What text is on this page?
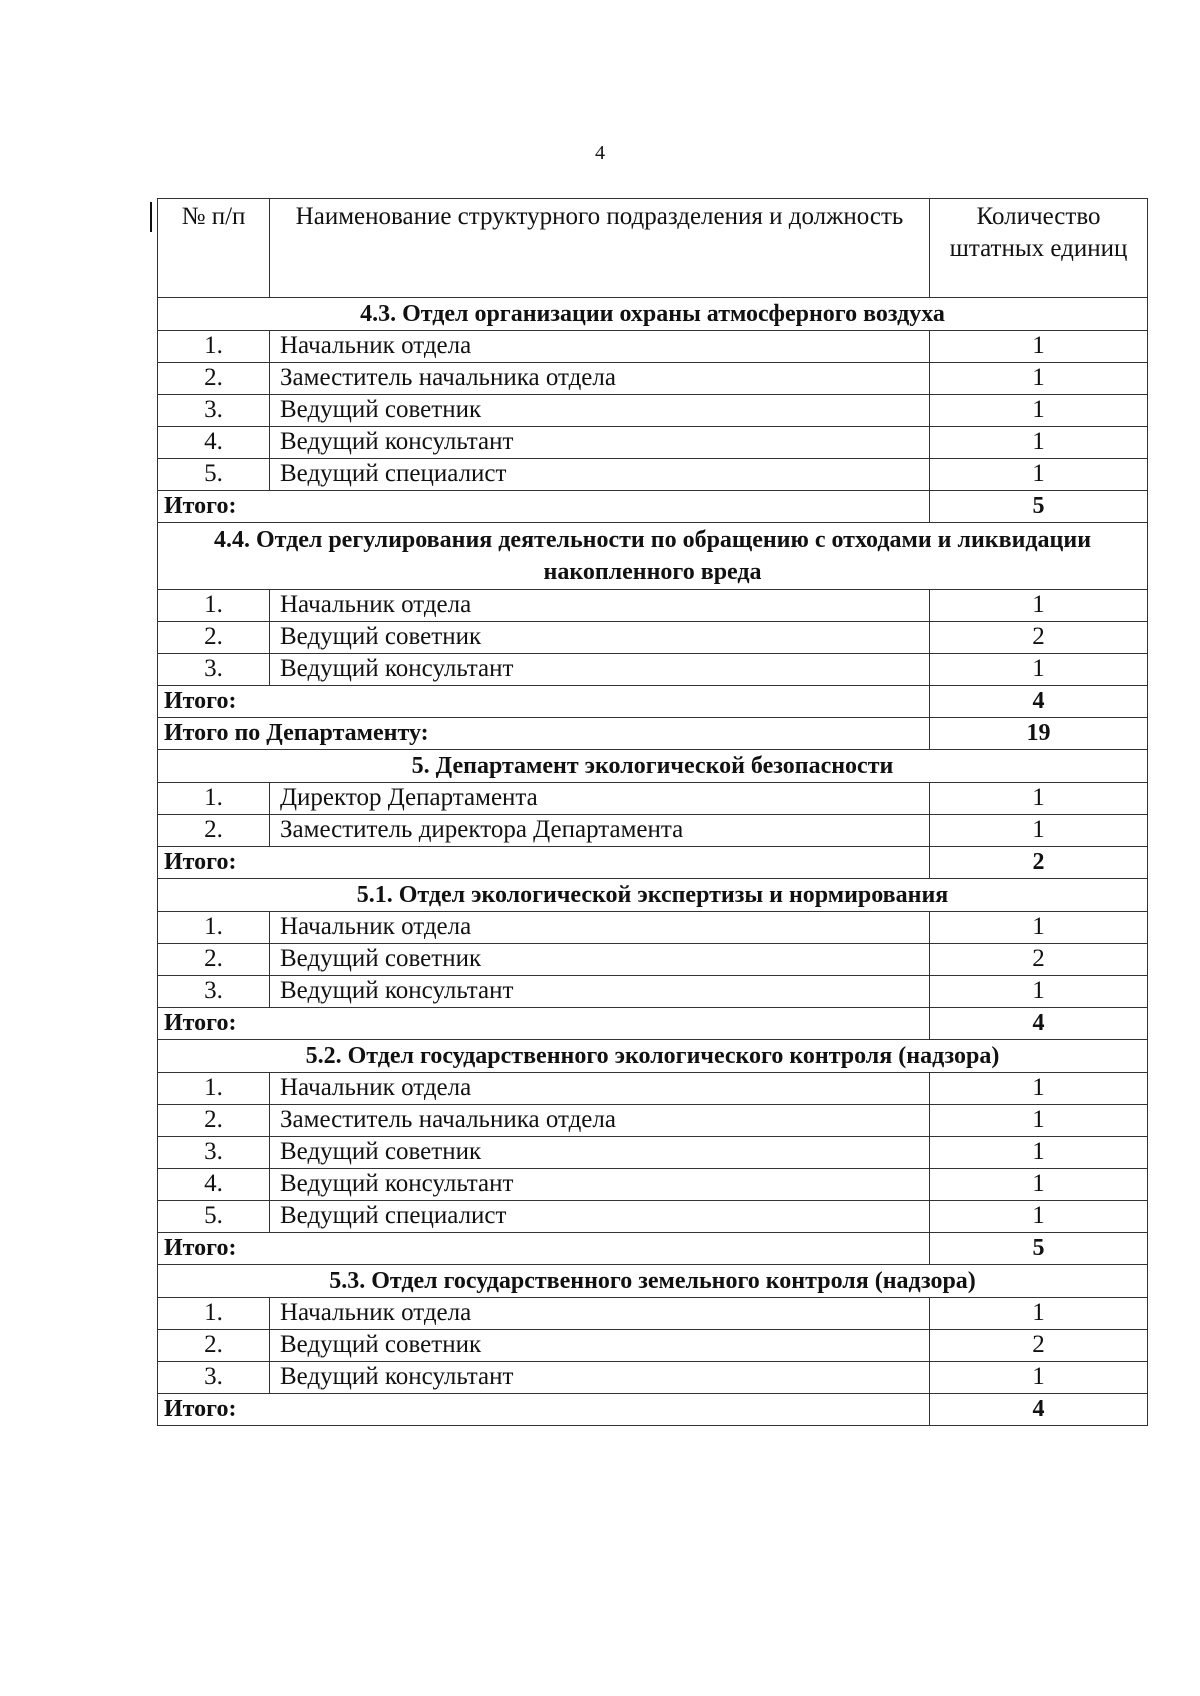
4
№ п/п	Наименование структурного подразделения и должность	Количество штатных единиц
4.3. Отдел организации охраны атмосферного воздуха		
1.	Начальник отдела	1
2.	Заместитель начальника отдела	1
3.	Ведущий советник	1
4.	Ведущий консультант	1
5.	Ведущий специалист	1
Итого:		5
4.4. Отдел регулирования деятельности по обращению с отходами и ликвидации накопленного вреда		
1.	Начальник отдела	1
2.	Ведущий советник	2
3.	Ведущий консультант	1
Итого:		4
Итого по Департаменту:		19
5. Департамент экологической безопасности		
1.	Директор Департамента	1
2.	Заместитель директора Департамента	1
Итого:		2
5.1. Отдел экологической экспертизы и нормирования		
1.	Начальник отдела	1
2.	Ведущий советник	2
3.	Ведущий консультант	1
Итого:		4
5.2. Отдел государственного экологического контроля (надзора)		
1.	Начальник отдела	1
2.	Заместитель начальника отдела	1
3.	Ведущий советник	1
4.	Ведущий консультант	1
5.	Ведущий специалист	1
Итого:		5
5.3. Отдел государственного земельного контроля (надзора)		
1.	Начальник отдела	1
2.	Ведущий советник	2
3.	Ведущий консультант	1
Итого:		4
